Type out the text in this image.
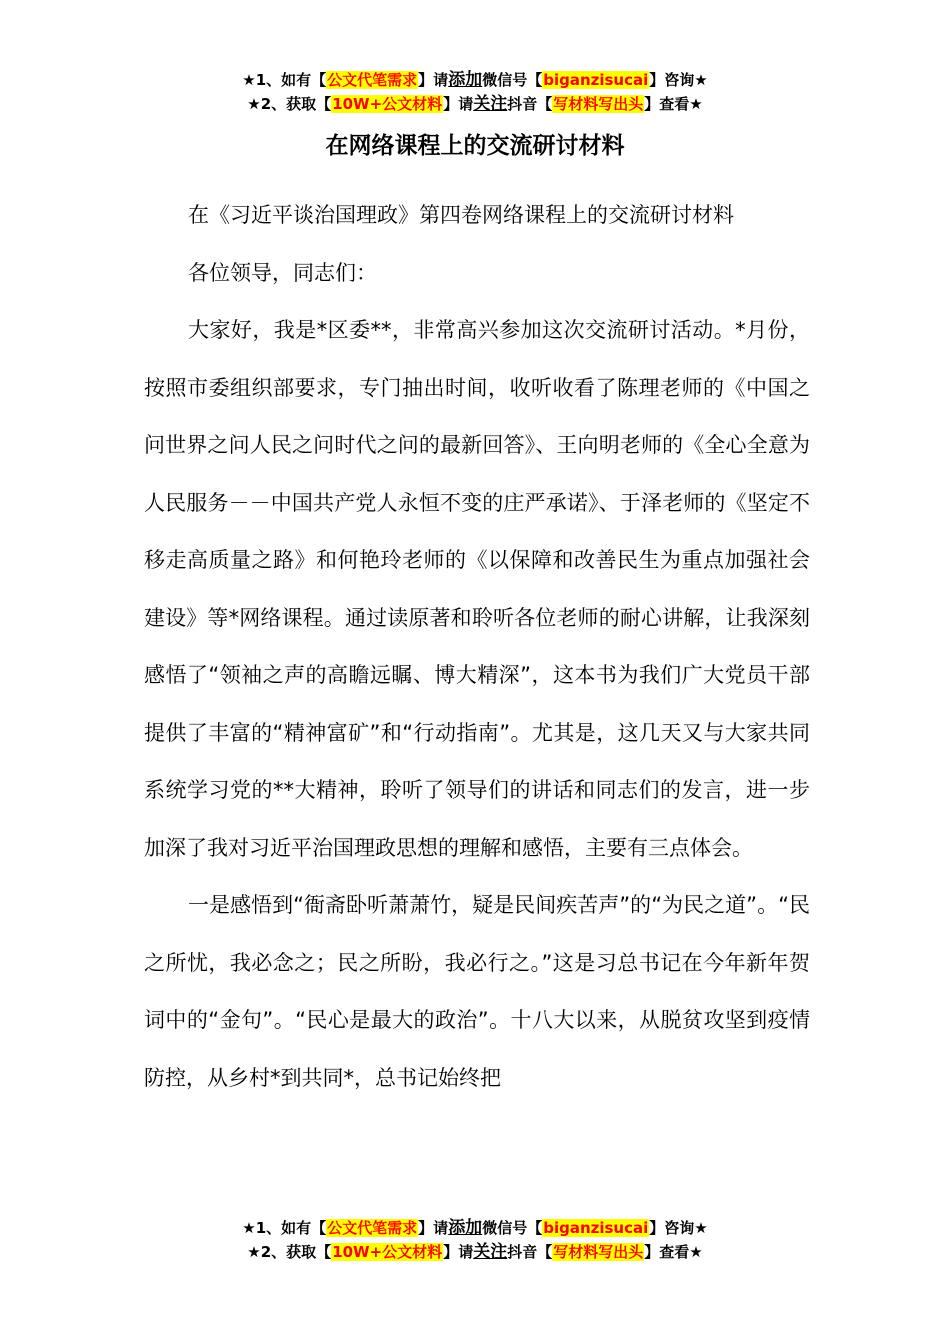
★1、如有【公文代笔需求】请添加微信号【biganzisucai】咨询★
★2、获取【10W+公文材料】请关注抖音【写材料写出头】查看★
在网络课程上的交流研讨材料

在《习近平谈治国理政》第四卷网络课程上的交流研讨材料

各位领导，同志们：

大家好，我是*区委**，非常高兴参加这次交流研讨活动。*月份，按照市委组织部要求，专门抽出时间，收听收看了陈理老师的《中国之问世界之问人民之问时代之问的最新回答》、王向明老师的《全心全意为人民服务－－中国共产党人永恒不变的庄严承诺》、于泽老师的《坚定不移走高质量之路》和何艳玲老师的《以保障和改善民生为重点加强社会建设》等*网络课程。通过读原著和聆听各位老师的耐心讲解，让我深刻感悟了“领袖之声的高瞻远瞩、博大精深”，这本书为我们广大党员干部提供了丰富的“精神富矿”和“行动指南”。尤其是，这几天又与大家共同系统学习党的**大精神，聆听了领导们的讲话和同志们的发言，进一步加深了我对习近平治国理政思想的理解和感悟，主要有三点体会。

一是感悟到“衙斋卧听萧萧竹，疑是民间疾苦声”的“为民之道”。“民之所忧，我必念之；民之所盼，我必行之。”这是习总书记在今年新年贺词中的“金句”。“民心是最大的政治”。十八大以来，从脱贫攻坚到疫情防控，从乡村*到共同*，总书记始终把

★1、如有【公文代笔需求】请添加微信号【biganzisucai】咨询★
★2、获取【10W+公文材料】请关注抖音【写材料写出头】查看★
